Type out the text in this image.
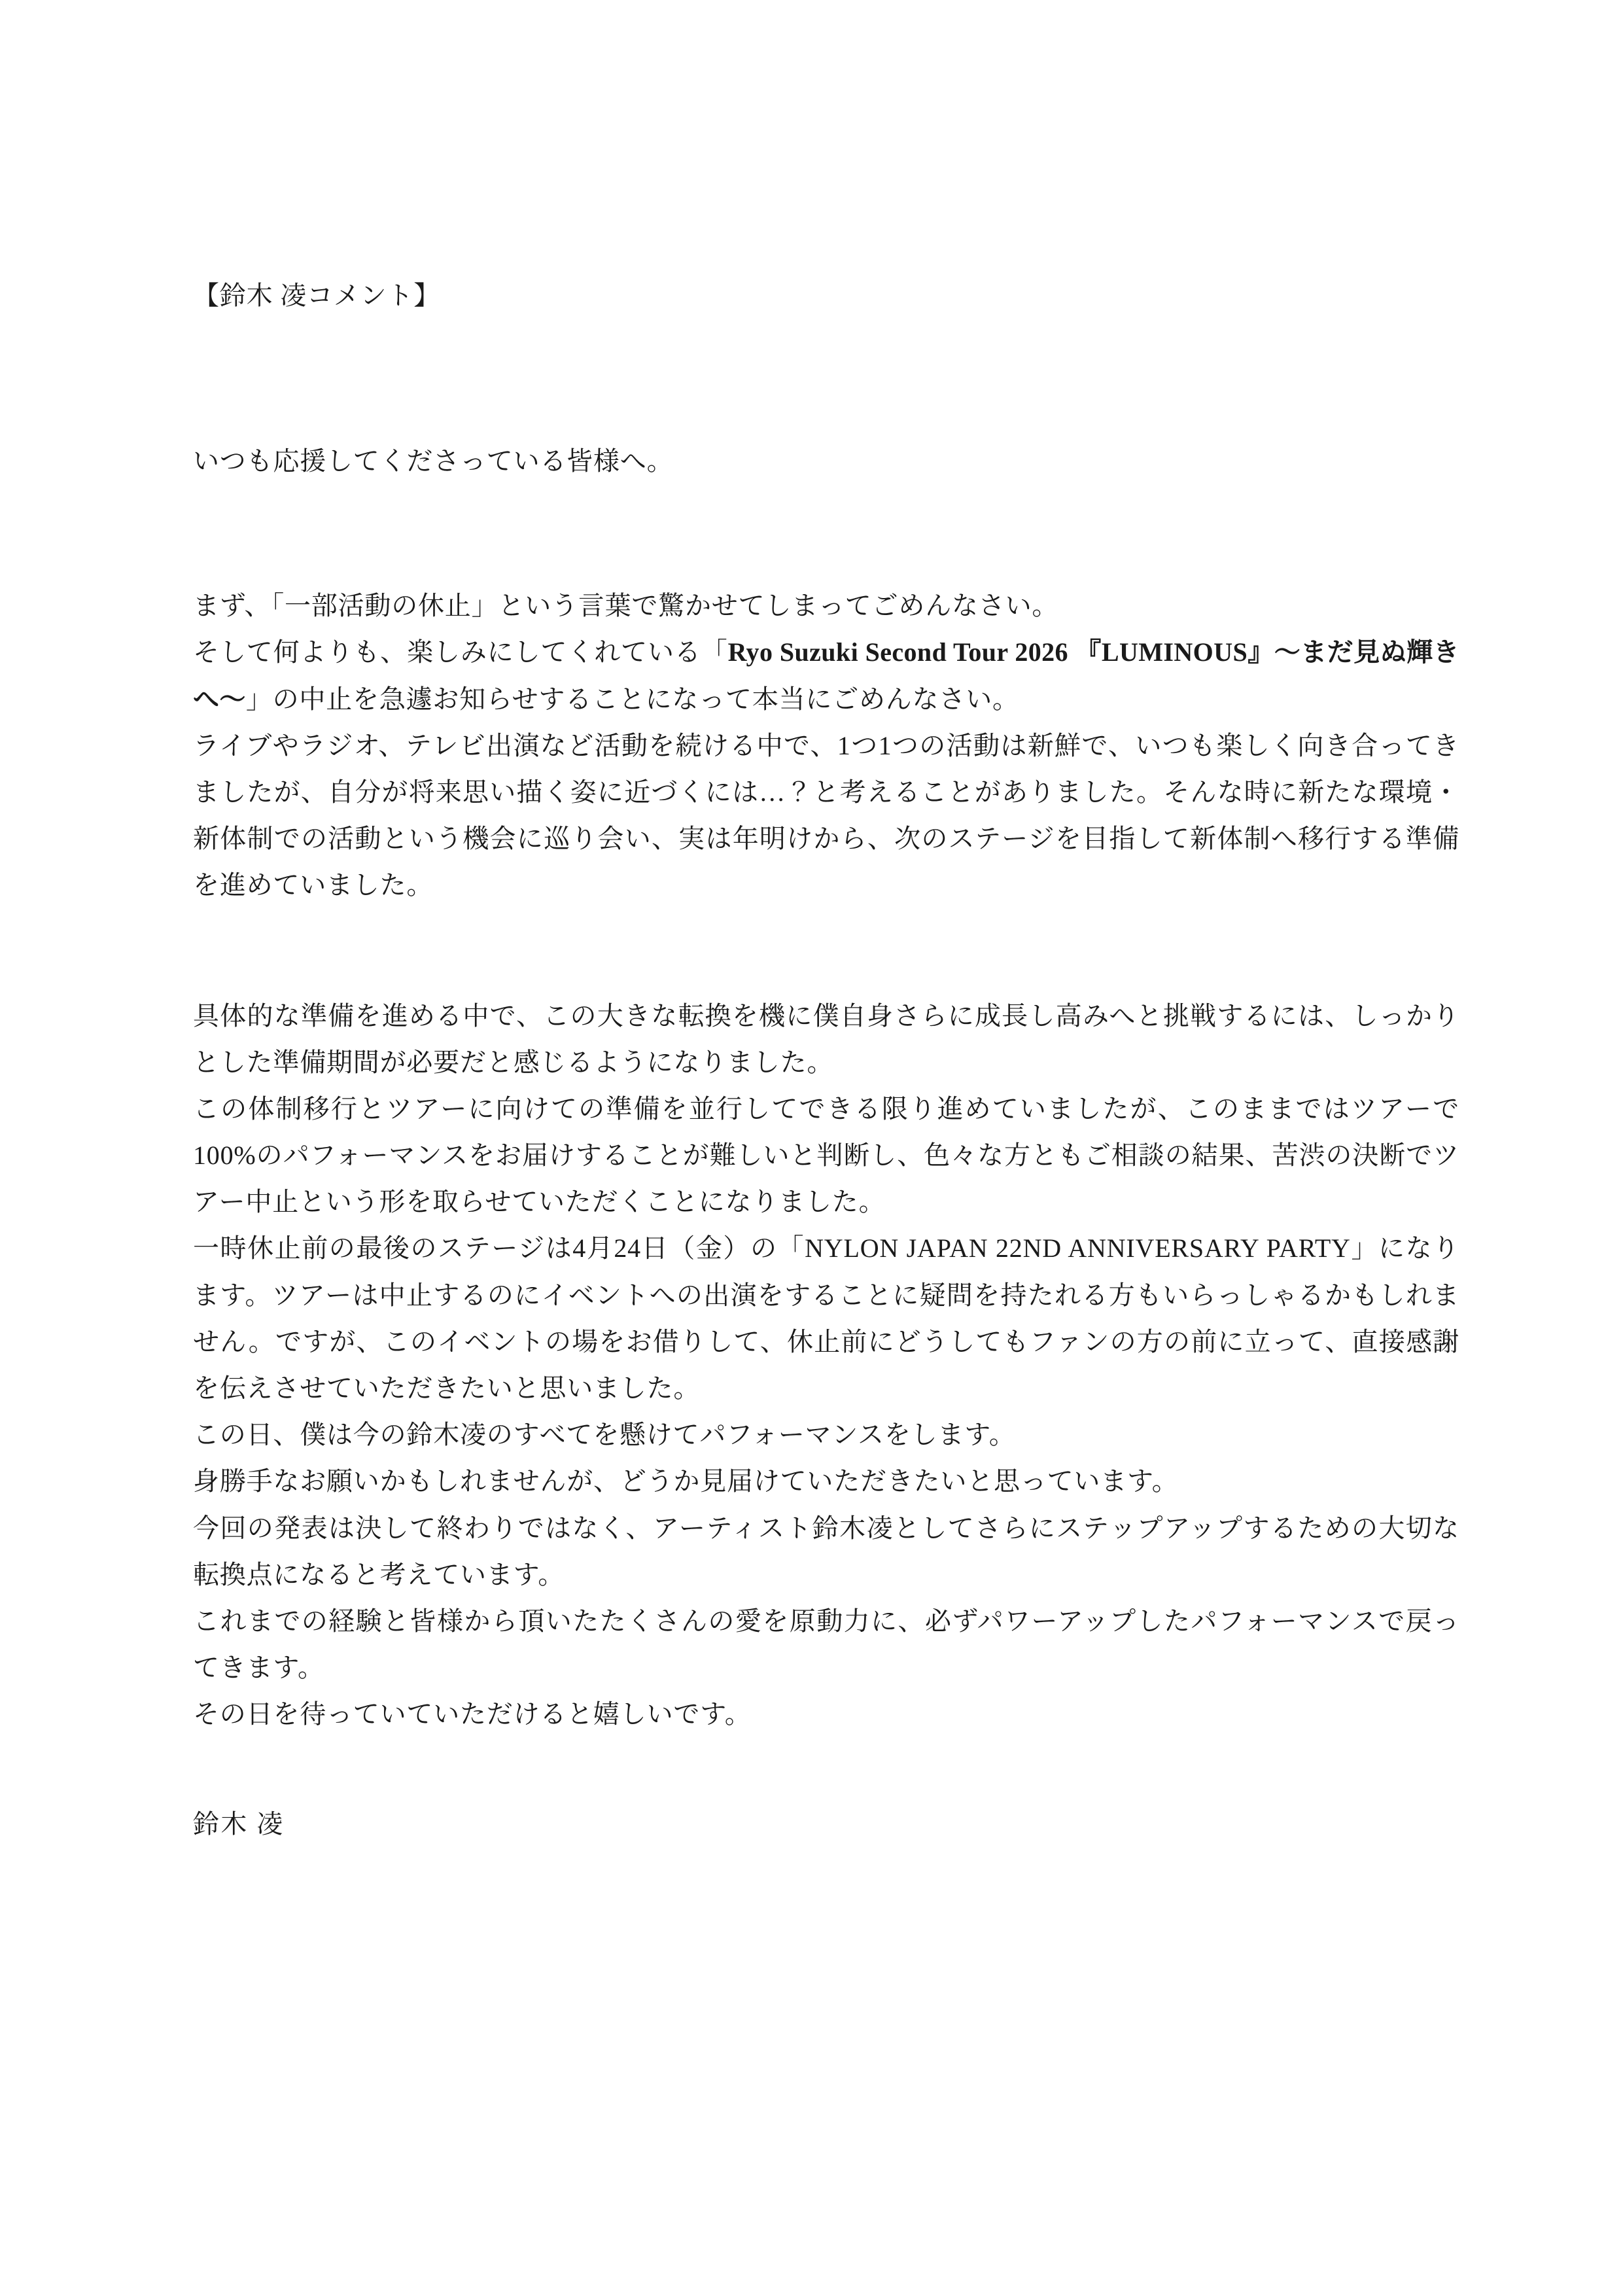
【鈴木 凌コメント】

いつも応援してくださっている皆様へ。

まず、「一部活動の休止」という言葉で驚かせてしまってごめんなさい。
そして何よりも、楽しみにしてくれている「Ryo Suzuki Second Tour 2026 『LUMINOUS』〜まだ見ぬ輝きへ〜」の中止を急遽お知らせすることになって本当にごめんなさい。
ライブやラジオ、テレビ出演など活動を続ける中で、1つ1つの活動は新鮮で、いつも楽しく向き合ってきましたが、自分が将来思い描く姿に近づくには…？と考えることがありました。そんな時に新たな環境・新体制での活動という機会に巡り会い、実は年明けから、次のステージを目指して新体制へ移行する準備を進めていました。

具体的な準備を進める中で、この大きな転換を機に僕自身さらに成長し高みへと挑戦するには、しっかりとした準備期間が必要だと感じるようになりました。
この体制移行とツアーに向けての準備を並行してできる限り進めていましたが、このままではツアーで100%のパフォーマンスをお届けすることが難しいと判断し、色々な方ともご相談の結果、苦渋の決断でツアー中止という形を取らせていただくことになりました。
一時休止前の最後のステージは4月24日（金）の「NYLON JAPAN 22ND ANNIVERSARY PARTY」になります。ツアーは中止するのにイベントへの出演をすることに疑問を持たれる方もいらっしゃるかもしれません。ですが、このイベントの場をお借りして、休止前にどうしてもファンの方の前に立って、直接感謝を伝えさせていただきたいと思いました。
この日、僕は今の鈴木凌のすべてを懸けてパフォーマンスをします。
身勝手なお願いかもしれませんが、どうか見届けていただきたいと思っています。
今回の発表は決して終わりではなく、アーティスト鈴木凌としてさらにステップアップするための大切な転換点になると考えています。
これまでの経験と皆様から頂いたたくさんの愛を原動力に、必ずパワーアップしたパフォーマンスで戻ってきます。
その日を待っていていただけると嬉しいです。

鈴木 凌
